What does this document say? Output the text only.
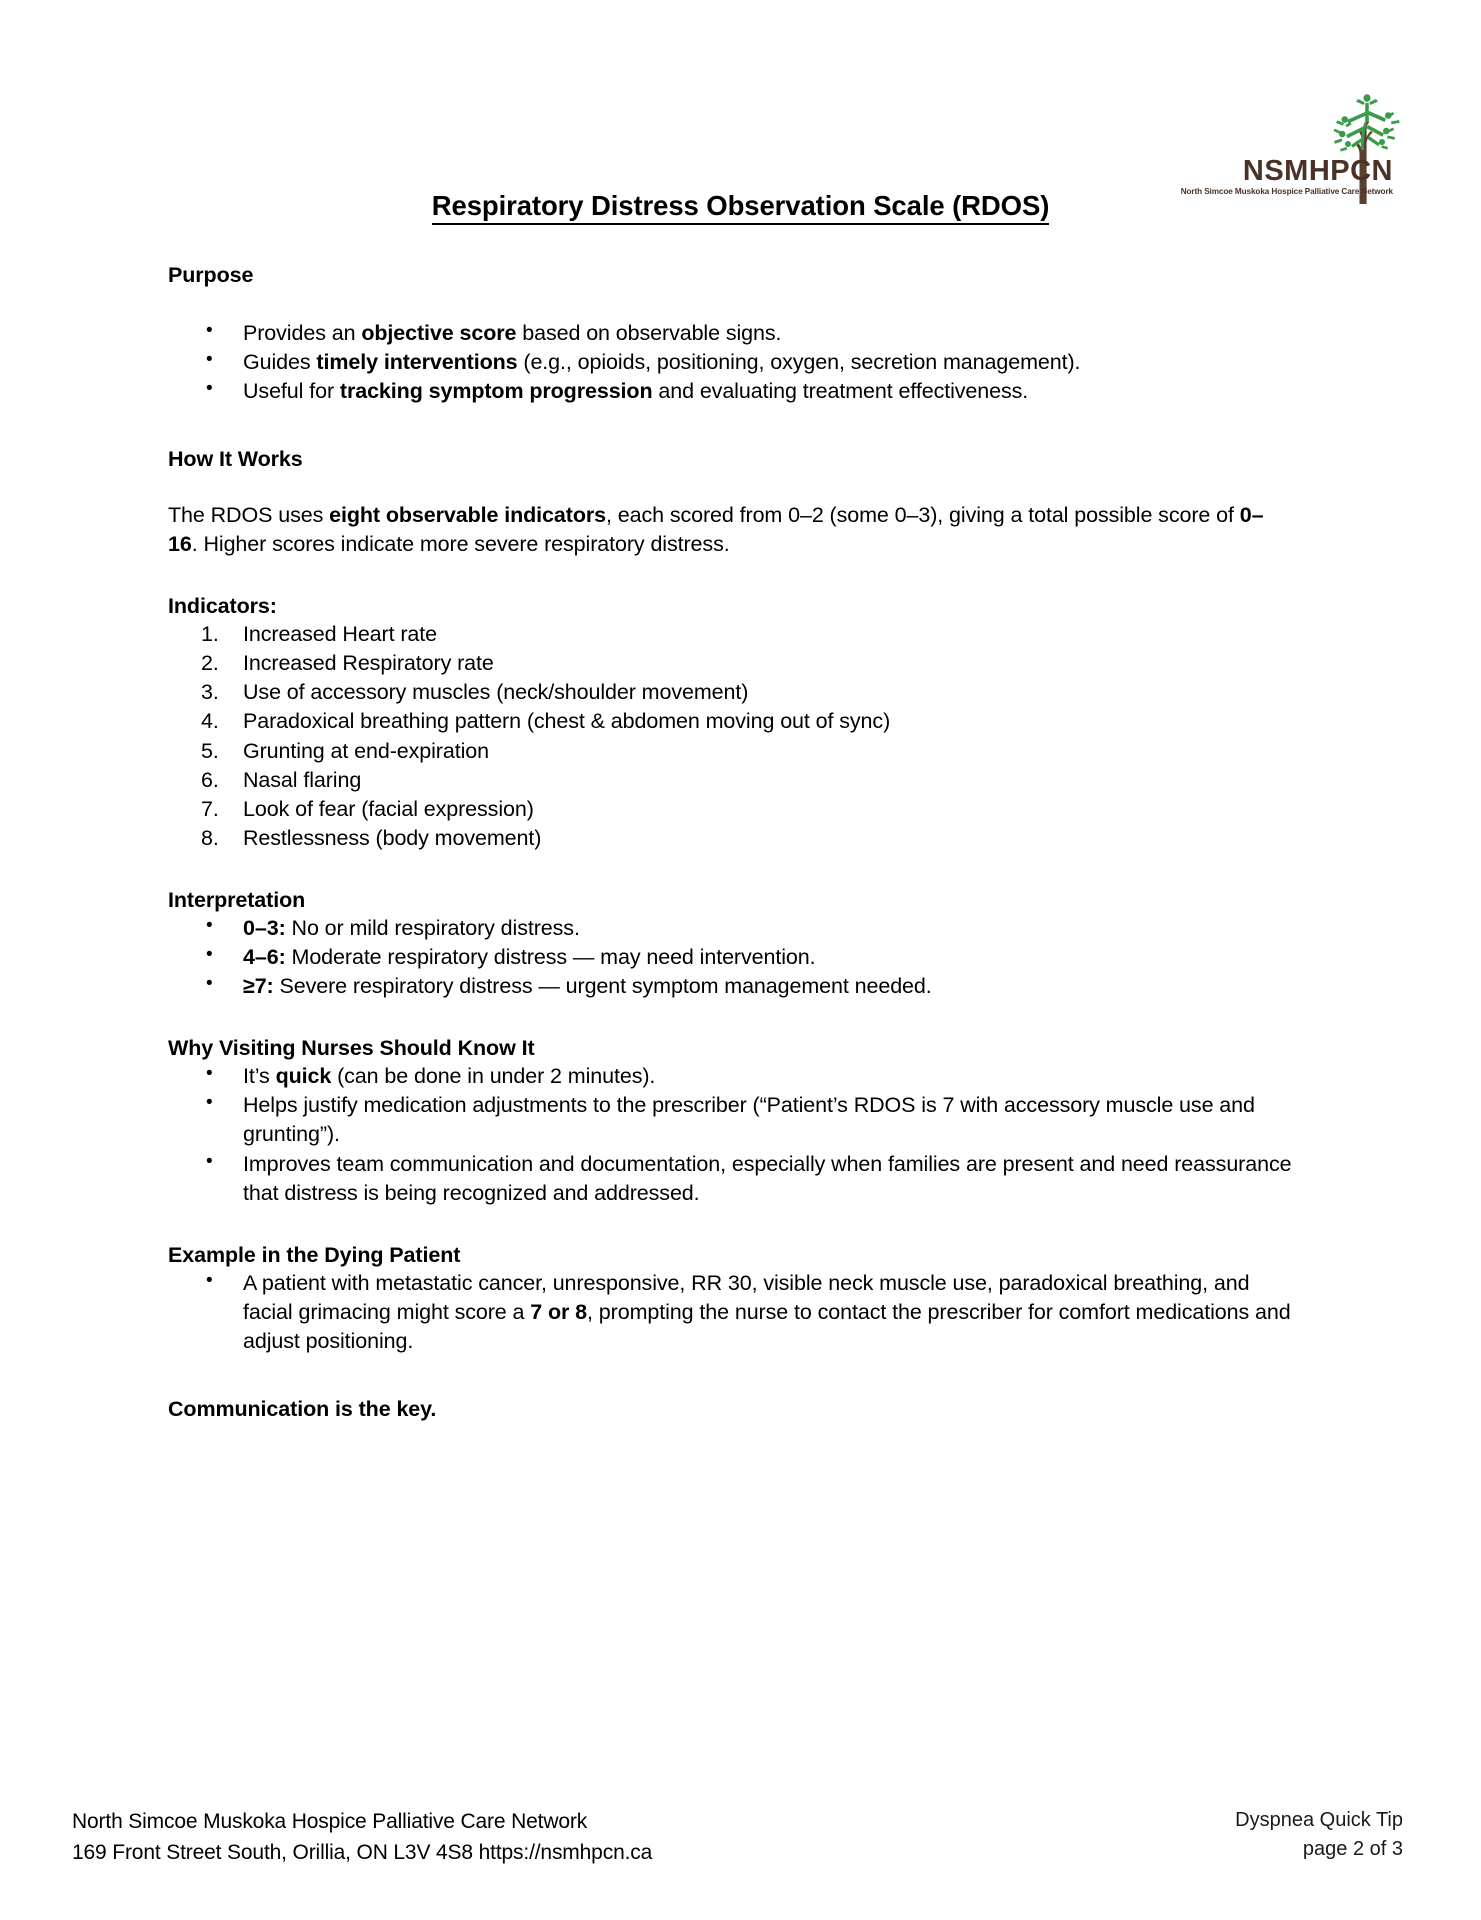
NSMHPCN
North Simcoe Muskoka Hospice Palliative Care Network
Respiratory Distress Observation Scale (RDOS)
Purpose
• Provides an objective score based on observable signs.
• Guides timely interventions (e.g., opioids, positioning, oxygen, secretion management).
• Useful for tracking symptom progression and evaluating treatment effectiveness.
How It Works

The RDOS uses eight observable indicators, each scored from 0–2 (some 0–3), giving a total possible score of 0–16. Higher scores indicate more severe respiratory distress.

Indicators:
1.	Increased Heart rate
2.	Increased Respiratory rate
3.	Use of accessory muscles (neck/shoulder movement)
4.	Paradoxical breathing pattern (chest & abdomen moving out of sync)
5.	Grunting at end-expiration
6.	Nasal flaring
7.	Look of fear (facial expression)
8.	Restlessness (body movement)
Interpretation
• 0–3: No or mild respiratory distress.
• 4–6: Moderate respiratory distress — may need intervention.
• ≥7: Severe respiratory distress — urgent symptom management needed.
Why Visiting Nurses Should Know It
• It’s quick (can be done in under 2 minutes).
• Helps justify medication adjustments to the prescriber (“Patient’s RDOS is 7 with accessory muscle use and grunting”).
• Improves team communication and documentation, especially when families are present and need reassurance that distress is being recognized and addressed.
Example in the Dying Patient
• A patient with metastatic cancer, unresponsive, RR 30, visible neck muscle use, paradoxical breathing, and facial grimacing might score a 7 or 8, prompting the nurse to contact the prescriber for comfort medications and adjust positioning.
Communication is the key.
North Simcoe Muskoka Hospice Palliative Care Network
169 Front Street South, Orillia, ON L3V 4S8 https://nsmhpcn.ca
Dyspnea Quick Tip
page 2 of 3
